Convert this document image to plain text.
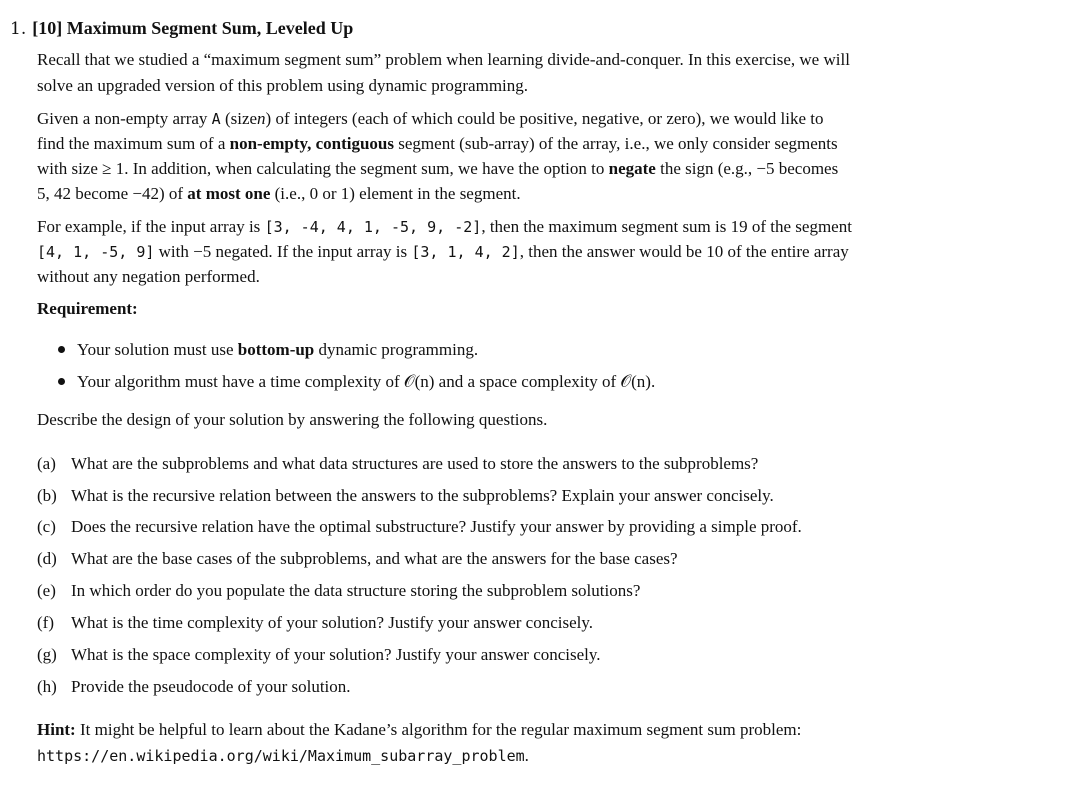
1. [10] Maximum Segment Sum, Leveled Up
Recall that we studied a “maximum segment sum” problem when learning divide-and-conquer. In this exercise, we will
solve an upgraded version of this problem using dynamic programming.
Given a non-empty array A (sizen) of integers (each of which could be positive, negative, or zero), we would like to
find the maximum sum of a non-empty, contiguous segment (sub-array) of the array, i.e., we only consider segments
with size ≥ 1. In addition, when calculating the segment sum, we have the option to negate the sign (e.g., −5 becomes
5, 42 become −42) of at most one (i.e., 0 or 1) element in the segment.
For example, if the input array is [3, -4, 4, 1, -5, 9, -2], then the maximum segment sum is 19 of the segment
[4, 1, -5, 9] with −5 negated. If the input array is [3, 1, 4, 2], then the answer would be 10 of the entire array
without any negation performed.
Requirement:
Your solution must use bottom-up dynamic programming.
Your algorithm must have a time complexity of 𝒪(n) and a space complexity of 𝒪(n).
Describe the design of your solution by answering the following questions.
(a) What are the subproblems and what data structures are used to store the answers to the subproblems?
(b) What is the recursive relation between the answers to the subproblems? Explain your answer concisely.
(c) Does the recursive relation have the optimal substructure? Justify your answer by providing a simple proof.
(d) What are the base cases of the subproblems, and what are the answers for the base cases?
(e) In which order do you populate the data structure storing the subproblem solutions?
(f) What is the time complexity of your solution? Justify your answer concisely.
(g) What is the space complexity of your solution? Justify your answer concisely.
(h) Provide the pseudocode of your solution.
Hint: It might be helpful to learn about the Kadane’s algorithm for the regular maximum segment sum problem:
https://en.wikipedia.org/wiki/Maximum_subarray_problem.
